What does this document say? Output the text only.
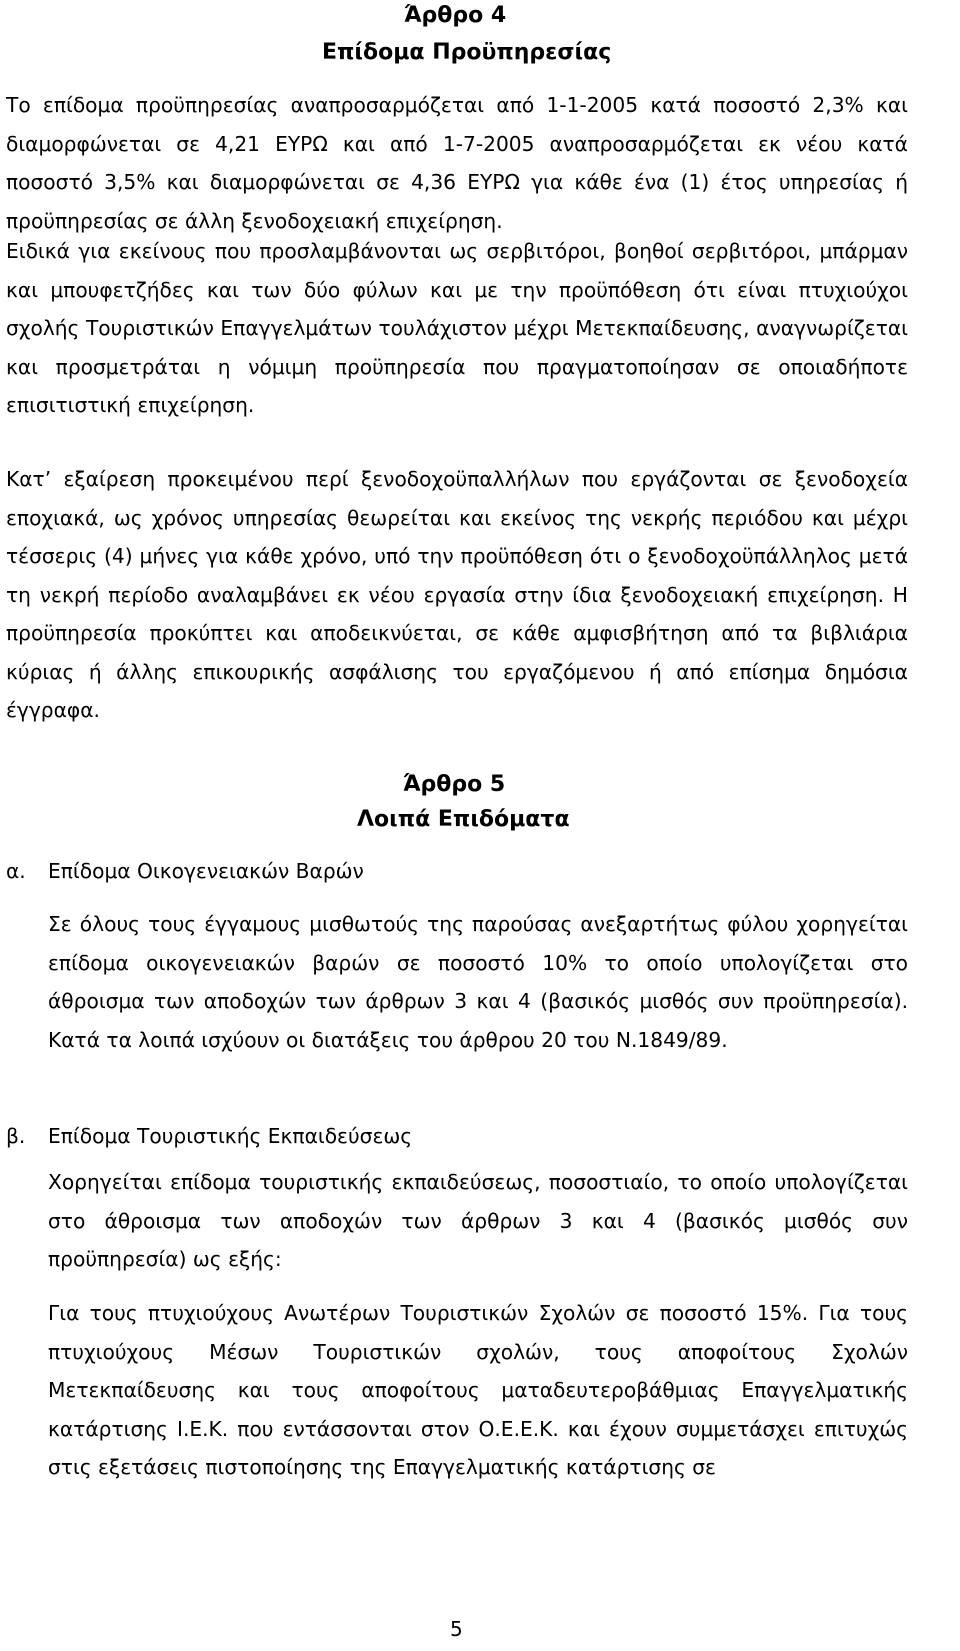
Άρθρο 4
Επίδομα Προϋπηρεσίας
Το επίδομα προϋπηρεσίας αναπροσαρμόζεται από 1-1-2005 κατά ποσοστό 2,3% και διαμορφώνεται σε 4,21 ΕΥΡΩ και από 1-7-2005 αναπροσαρμόζεται εκ νέου κατά ποσοστό 3,5% και διαμορφώνεται σε 4,36 ΕΥΡΩ για κάθε ένα (1) έτος υπηρεσίας ή προϋπηρεσίας σε άλλη ξενοδοχειακή επιχείρηση.
Ειδικά για εκείνους που προσλαμβάνονται ως σερβιτόροι, βοηθοί σερβιτόροι, μπάρμαν και μπουφετζήδες και των δύο φύλων και με την προϋπόθεση ότι είναι πτυχιούχοι σχολής Τουριστικών Επαγγελμάτων τουλάχιστον μέχρι Μετεκπαίδευσης, αναγνωρίζεται και προσμετράται η νόμιμη προϋπηρεσία που πραγματοποίησαν σε οποιαδήποτε επισιτιστική επιχείρηση.
Κατ’ εξαίρεση προκειμένου περί ξενοδοχοϋπαλλήλων που εργάζονται σε ξενοδοχεία εποχιακά, ως χρόνος υπηρεσίας θεωρείται και εκείνος της νεκρής περιόδου και μέχρι τέσσερις (4) μήνες για κάθε χρόνο, υπό την προϋπόθεση ότι ο ξενοδοχοϋπάλληλος μετά τη νεκρή περίοδο αναλαμβάνει εκ νέου εργασία στην ίδια ξενοδοχειακή επιχείρηση. Η προϋπηρεσία προκύπτει και αποδεικνύεται, σε κάθε αμφισβήτηση από τα βιβλιάρια κύριας ή άλλης επικουρικής ασφάλισης του εργαζόμενου ή από επίσημα δημόσια έγγραφα.
Άρθρο 5
Λοιπά Επιδόματα
α. Επίδομα Οικογενειακών Βαρών
Σε όλους τους έγγαμους μισθωτούς της παρούσας ανεξαρτήτως φύλου χορηγείται επίδομα οικογενειακών βαρών σε ποσοστό 10% το οποίο υπολογίζεται στο άθροισμα των αποδοχών των άρθρων 3 και 4 (βασικός μισθός συν προϋπηρεσία). Κατά τα λοιπά ισχύουν οι διατάξεις του άρθρου 20 του Ν.1849/89.
β. Επίδομα Τουριστικής Εκπαιδεύσεως
Χορηγείται επίδομα τουριστικής εκπαιδεύσεως, ποσοστιαίο, το οποίο υπολογίζεται στο άθροισμα των αποδοχών των άρθρων 3 και 4 (βασικός μισθός συν προϋπηρεσία) ως εξής:
Για τους πτυχιούχους Ανωτέρων Τουριστικών Σχολών σε ποσοστό 15%. Για τους πτυχιούχους Μέσων Τουριστικών σχολών, τους αποφοίτους Σχολών Μετεκπαίδευσης και τους αποφοίτους ματαδευτεροβάθμιας Επαγγελματικής κατάρτισης Ι.Ε.Κ. που εντάσσονται στον Ο.Ε.Ε.Κ. και έχουν συμμετάσχει επιτυχώς στις εξετάσεις πιστοποίησης της Επαγγελματικής κατάρτισης σε
5
